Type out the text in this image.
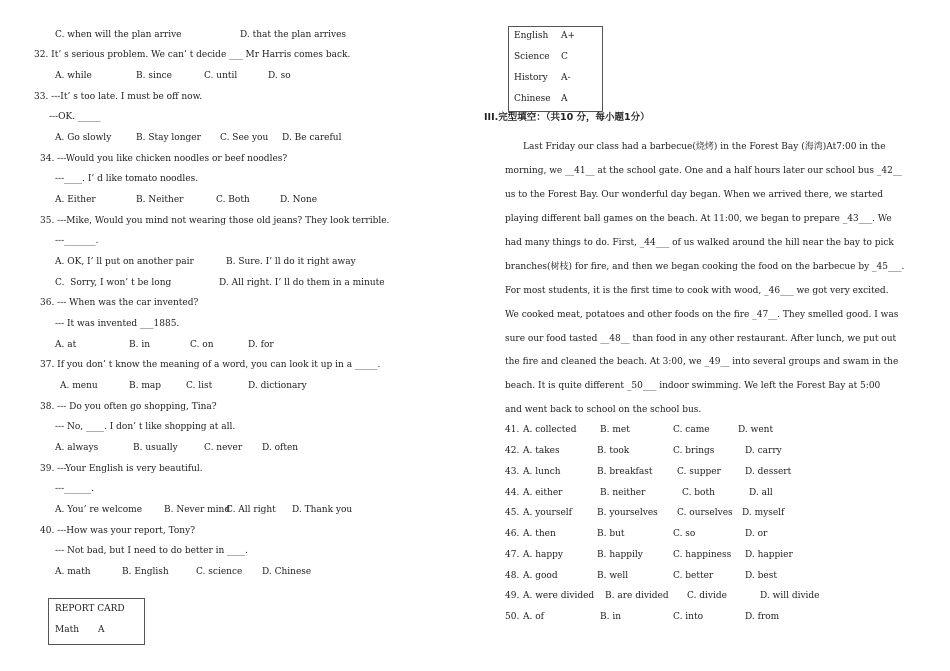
C. when will the plan arrive	D. that the plan arrives
32. It’ s serious problem. We can’ t decide ___ Mr Harris comes back.
A. while	B. since	C. until	D. so
33. ---It’ s too late. I must be off now.
---OK. _____
A. Go slowly	B. Stay longer C. See you D. Be careful
34. ---Would you like chicken noodles or beef noodles?
---____. I’ d like tomato noodles.
A. Either	B. Neither	C. Both	D. None
35. ---Mike, Would you mind not wearing those old jeans? They look terrible.
---_______.
A. OK, I’ ll put on another pair	B. Sure. I’ ll do it right away
C.  Sorry, I won’ t be long	D. All right. I’ ll do them in a minute
36. --- When was the car invented?
--- It was invented ___1885.
A. at	B. in	C. on	D. for
37. If you don’ t know the meaning of a word, you can look it up in a _____.
A. menu	B. map	C. list	D. dictionary
38. --- Do you often go shopping, Tina?
--- No, ____. I don’ t like shopping at all.
A. always	B. usually	C. never D. often
39. ---Your English is very beautiful.
---______.
A. You’ re welcome B. Never mind
C. All right D. Thank you
40. ---How was your report, Tony?
--- Not bad, but I need to do better in ____.
A. math	B. English	C. science D. Chinese
REPORT CARD
Math A
English A+
Science C
History A-
Chinese A
III.完型填空：（共10 分，每小题1分）
Last Friday our class had a barbecue(烧烤) in the Forest Bay (海湾)At7:00 in the
morning, we __41__ at the school gate. One and a half hours later our school bus _42__
us to the Forest Bay. Our wonderful day began. When we arrived there, we started
playing different ball games on the beach. At 11:00, we began to prepare _43___. We
had many things to do. First, _44___ of us walked around the hill near the bay to pick
branches(树枝) for fire, and then we began cooking the food on the barbecue by _45___.
For most students, it is the first time to cook with wood, _46___ we got very excited.
We cooked meat, potatoes and other foods on the fire _47__. They smelled good. I was
sure our food tasted __48__ than food in any other restaurant. After lunch, we put out
the fire and cleaned the beach. At 3:00, we _49__ into several groups and swam in the
beach. It is quite different _50___ indoor swimming. We left the Forest Bay at 5:00
and went back to school on the school bus.
41. A. collected	B. met	C. came	D. went
42. A. takes	B. took	C. brings	D. carry
43. A. lunch	B. breakfast	C. supper	D. dessert
44. A. either	B. neither	C. both	D. all
45. A. yourself	B. yourselves C. ourselves D. myself
46. A. then	B. but	C. so	D. or
47. A. happy	B. happily	C. happiness D. happier
48. A. good	B. well	C. better	D. best
49. A. were divided B. are divided C. divide	D. will divide
50. A. of	B. in	C. into	D. from
